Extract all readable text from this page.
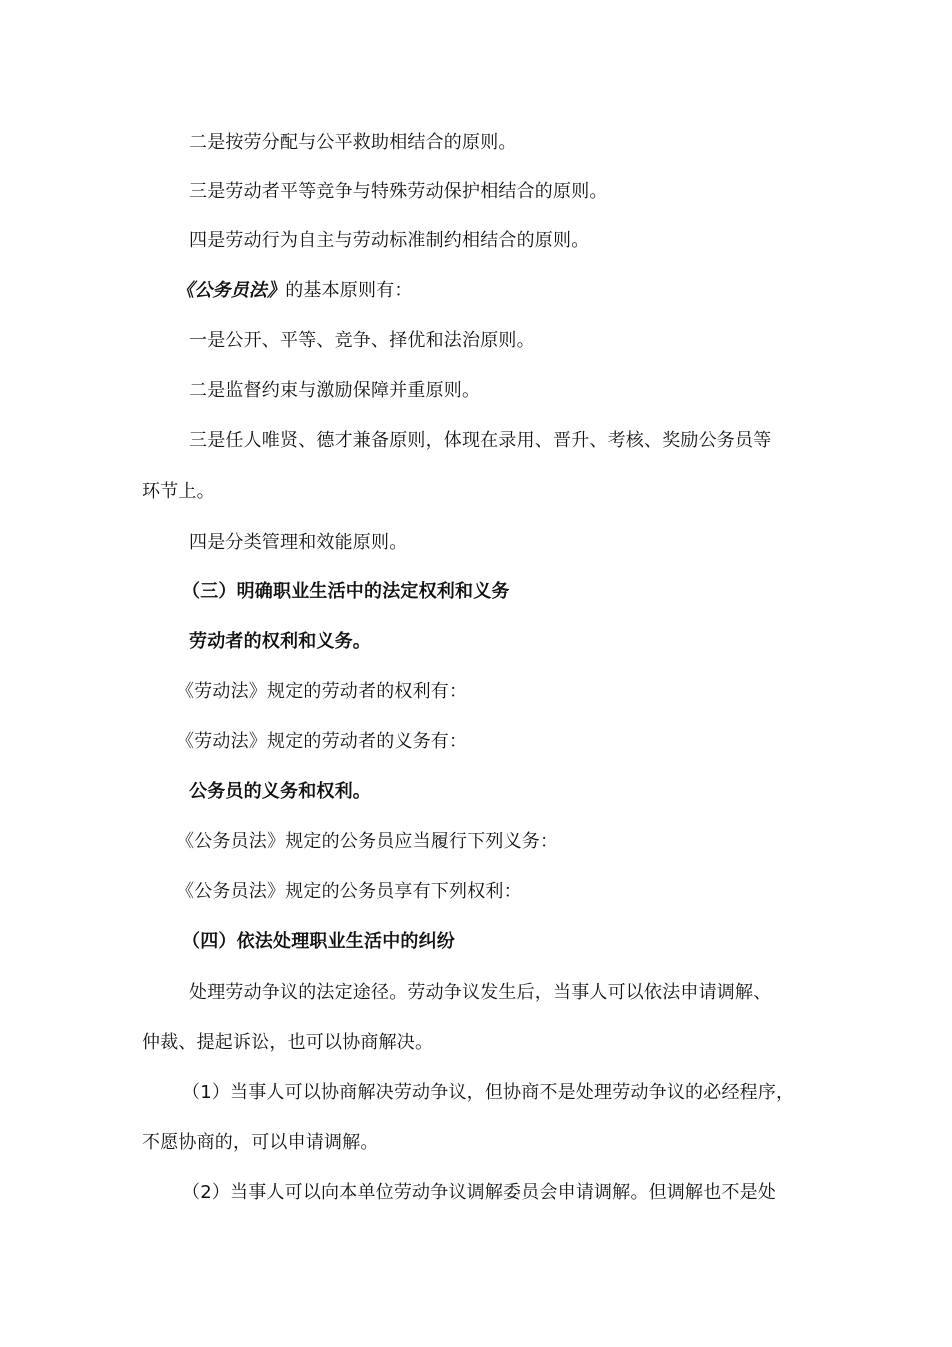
二是按劳分配与公平救助相结合的原则。
三是劳动者平等竞争与特殊劳动保护相结合的原则。
四是劳动行为自主与劳动标准制约相结合的原则。
《公务员法》的基本原则有：
一是公开、平等、竞争、择优和法治原则。
二是监督约束与激励保障并重原则。
三是任人唯贤、德才兼备原则，体现在录用、晋升、考核、奖励公务员等
环节上。
四是分类管理和效能原则。
（三）明确职业生活中的法定权利和义务
劳动者的权利和义务。
《劳动法》规定的劳动者的权利有：
《劳动法》规定的劳动者的义务有：
公务员的义务和权利。
《公务员法》规定的公务员应当履行下列义务：
《公务员法》规定的公务员享有下列权利：
（四）依法处理职业生活中的纠纷
处理劳动争议的法定途径。劳动争议发生后，当事人可以依法申请调解、
仲裁、提起诉讼，也可以协商解决。
（1）当事人可以协商解决劳动争议，但协商不是处理劳动争议的必经程序，
不愿协商的，可以申请调解。
（2）当事人可以向本单位劳动争议调解委员会申请调解。但调解也不是处
